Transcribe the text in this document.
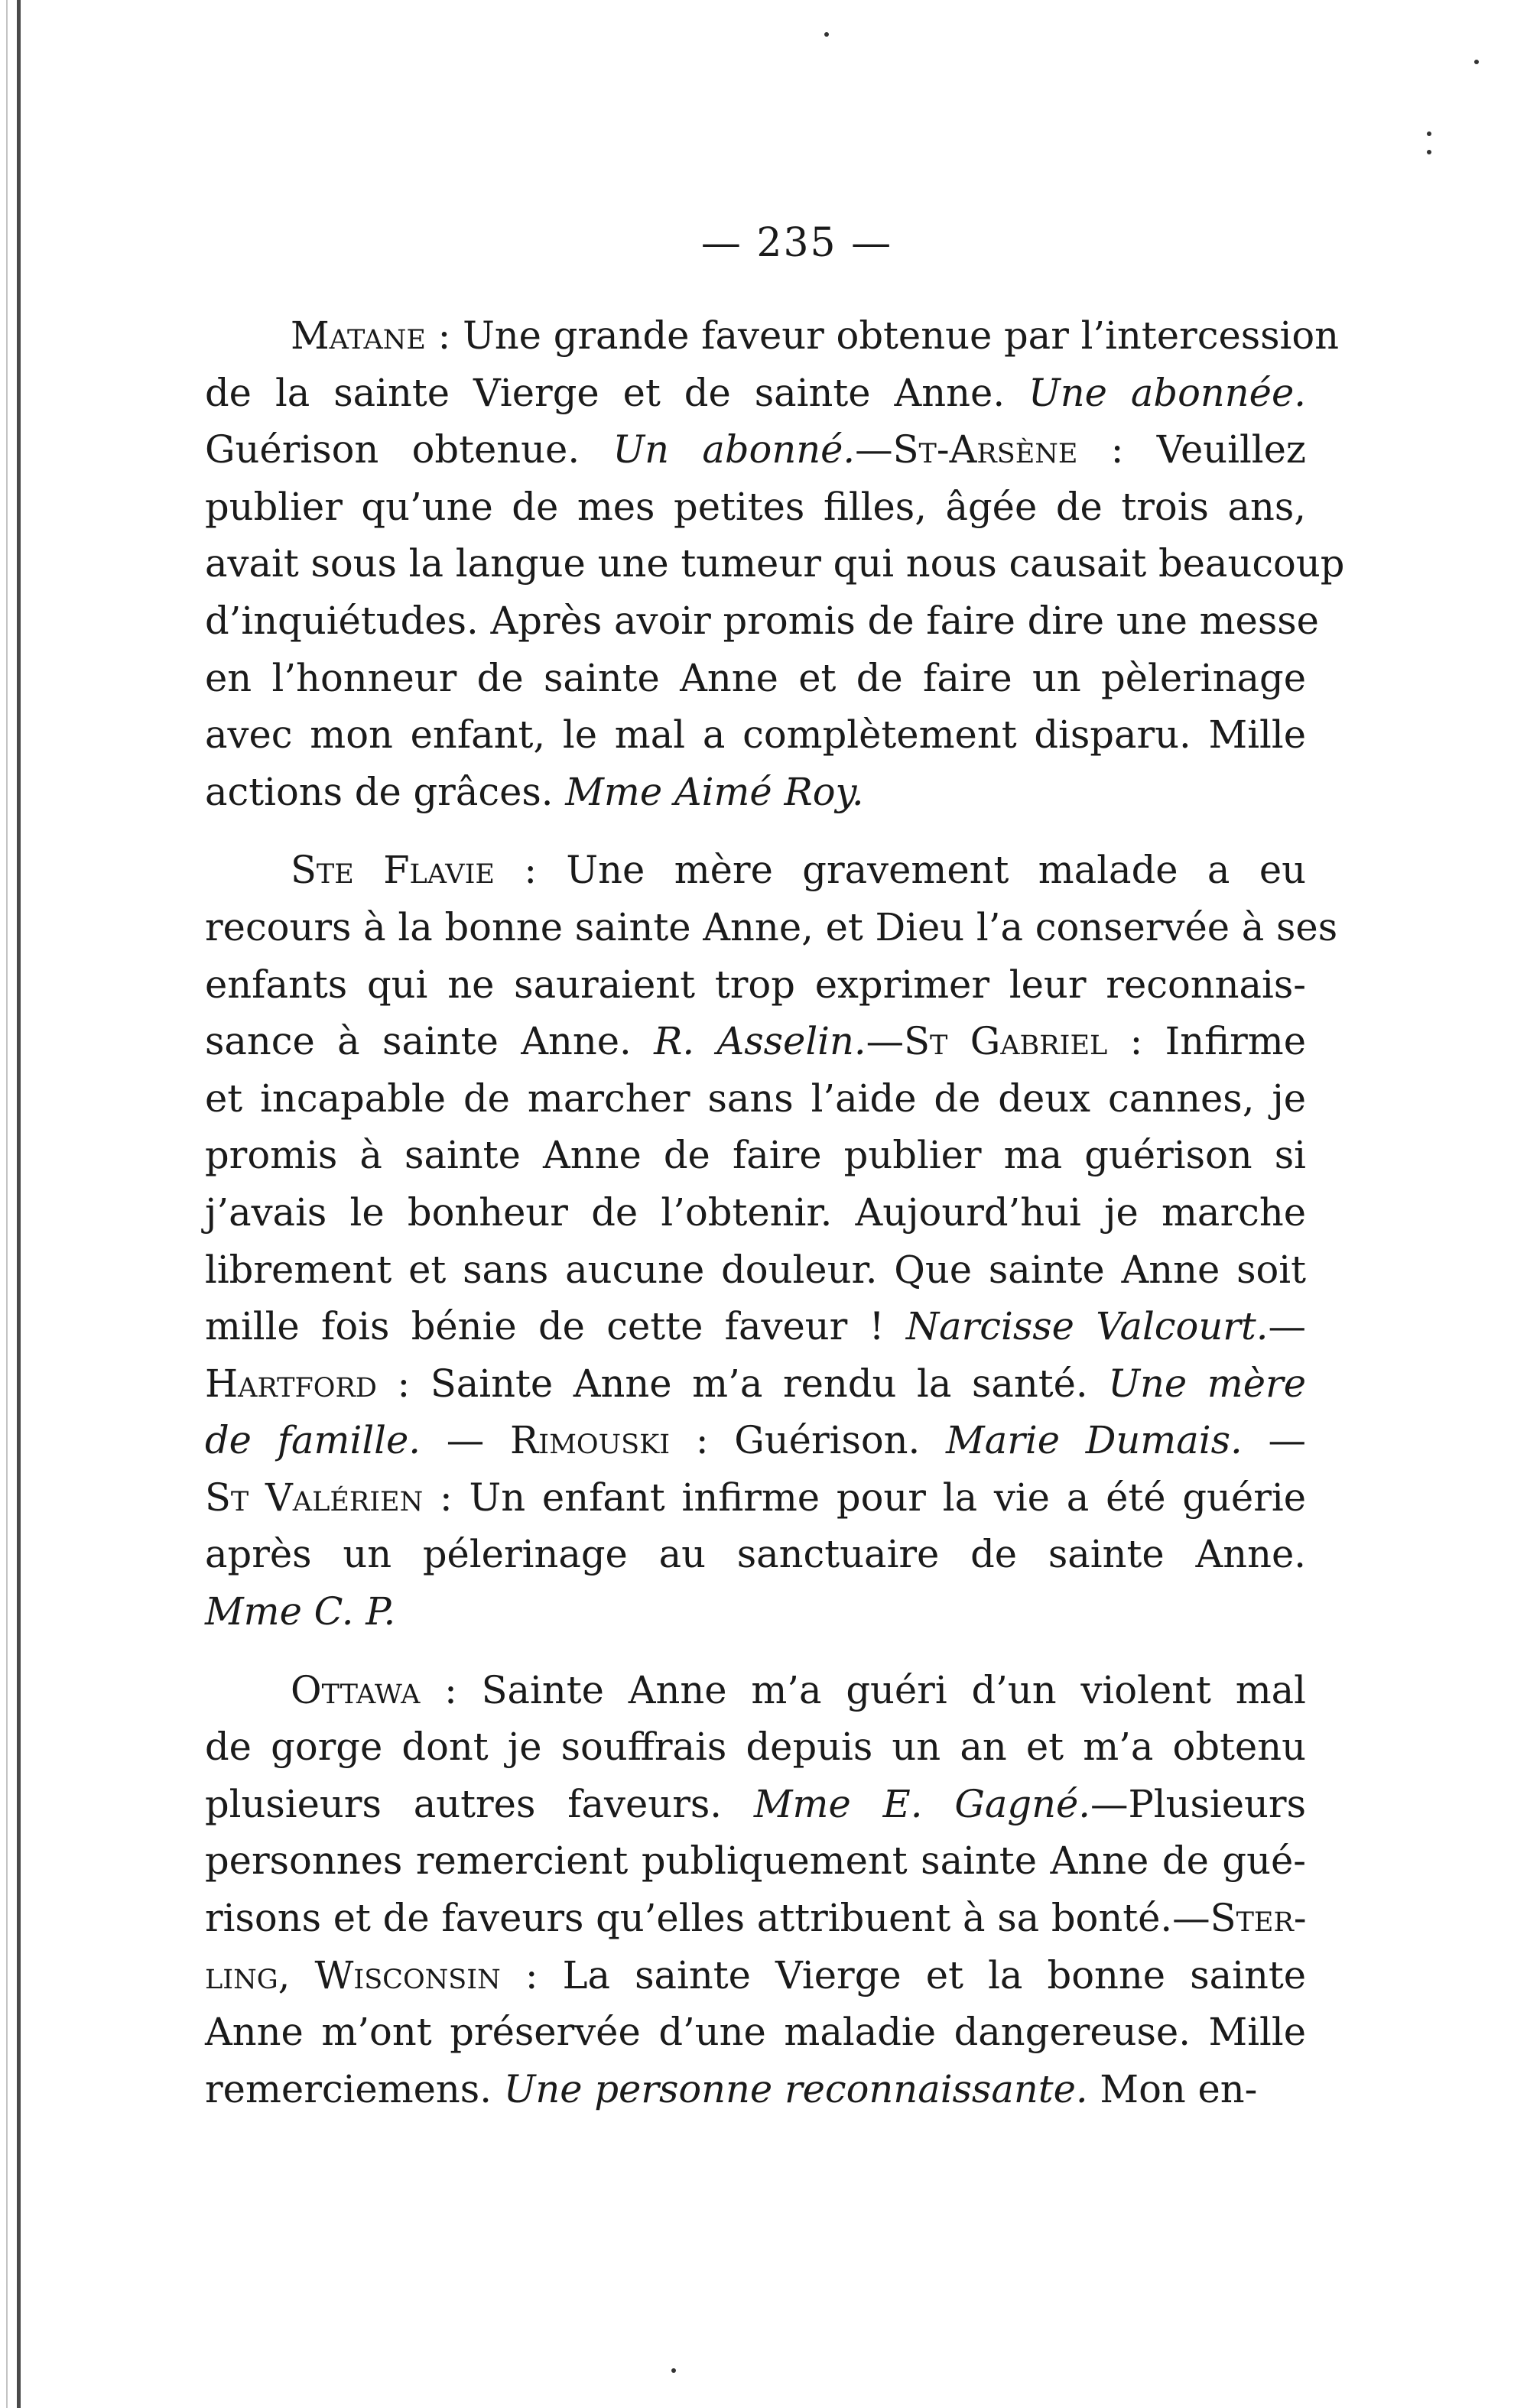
— 235 —
Matane : Une grande faveur obtenue par l’intercession
de la sainte Vierge et de sainte Anne. Une abonnée.
Guérison obtenue. Un abonné.—St-Arsène : Veuillez
publier qu’une de mes petites filles, âgée de trois ans,
avait sous la langue une tumeur qui nous causait beaucoup
d’inquiétudes. Après avoir promis de faire dire une messe
en l’honneur de sainte Anne et de faire un pèlerinage
avec mon enfant, le mal a complètement disparu. Mille
actions de grâces. Mme Aimé Roy.
Ste Flavie : Une mère gravement malade a eu
recours à la bonne sainte Anne, et Dieu l’a conservée à ses
enfants qui ne sauraient trop exprimer leur reconnais-
sance à sainte Anne. R. Asselin.—St Gabriel : Infirme
et incapable de marcher sans l’aide de deux cannes, je
promis à sainte Anne de faire publier ma guérison si
j’avais le bonheur de l’obtenir. Aujourd’hui je marche
librement et sans aucune douleur. Que sainte Anne soit
mille fois bénie de cette faveur ! Narcisse Valcourt.—
Hartford : Sainte Anne m’a rendu la santé. Une mère
de famille. — Rimouski : Guérison. Marie Dumais. —
St Valérien : Un enfant infirme pour la vie a été guérie
après un pélerinage au sanctuaire de sainte Anne.
Mme C. P.
Ottawa : Sainte Anne m’a guéri d’un violent mal
de gorge dont je souffrais depuis un an et m’a obtenu
plusieurs autres faveurs. Mme E. Gagné.—Plusieurs
personnes remercient publiquement sainte Anne de gué-
risons et de faveurs qu’elles attribuent à sa bonté.—Ster-
ling, Wisconsin : La sainte Vierge et la bonne sainte
Anne m’ont préservée d’une maladie dangereuse. Mille
remerciemens. Une personne reconnaissante. Mon en-
